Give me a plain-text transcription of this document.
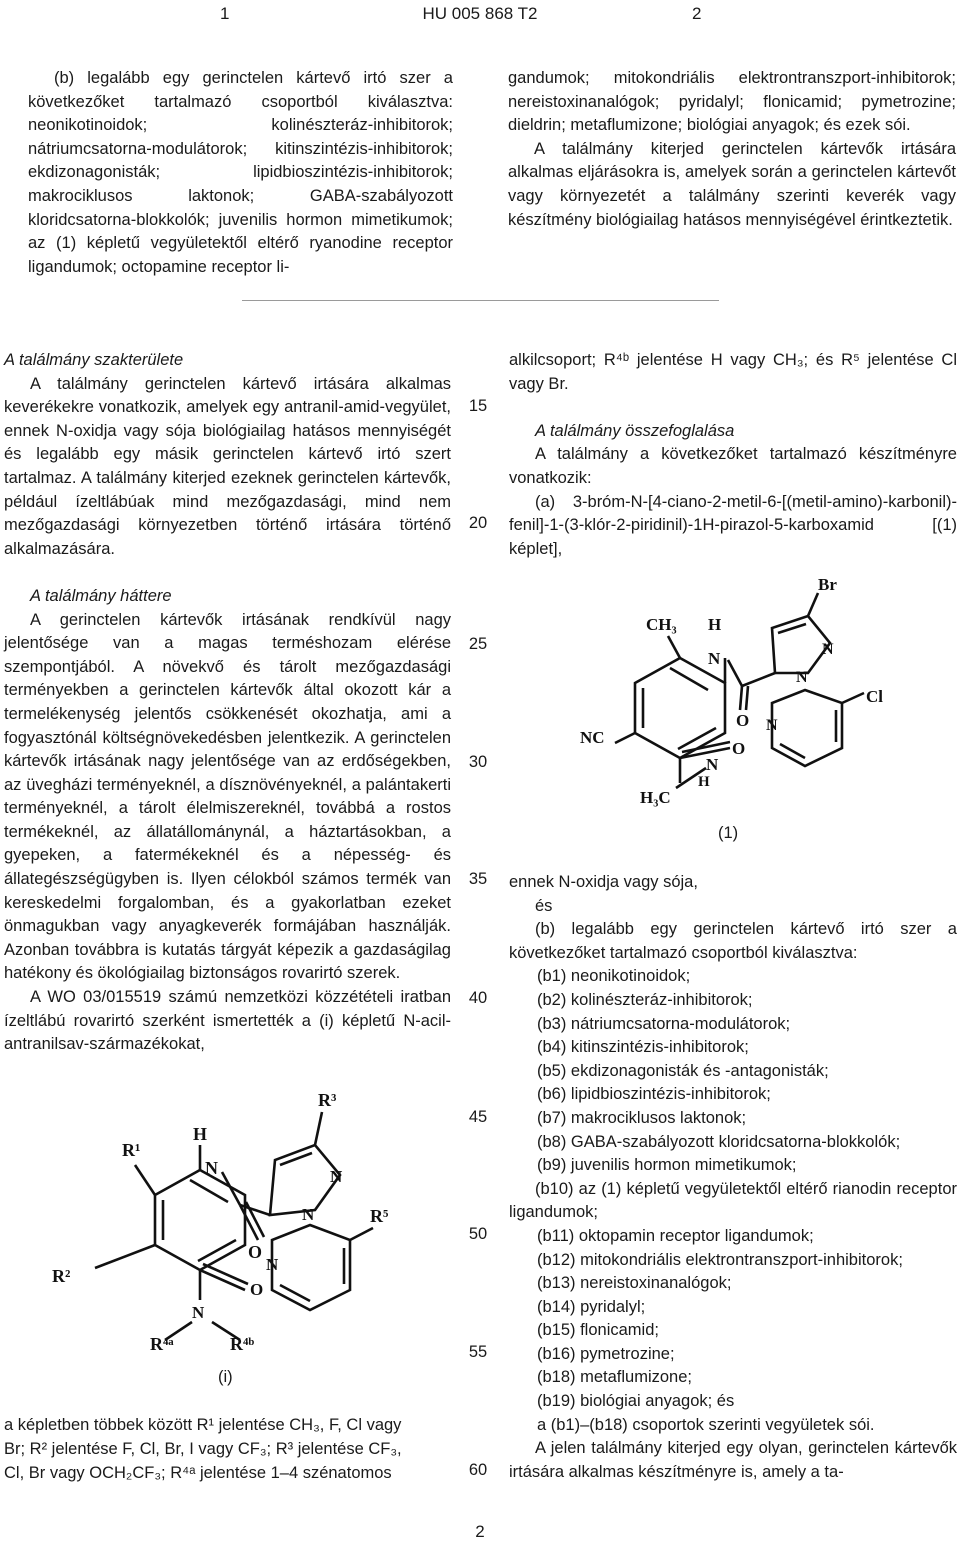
1	HU 005 868 T2	2

(b) legalább egy gerinctelen kártevő irtó szer a következőket tartalmazó csoportból kiválasztva: neonikotinoidok; kolinészteráz-inhibitorok; nátriumcsatorna-modulátorok; kitinszintézis-inhibitorok; ekdizonagonisták; lipidbioszintézis-inhibitorok; makrociklusos laktonok; GABA-szabályozott kloridcsatorna-blokkolók; juvenilis hormon mimetikumok; az (1) képletű vegyületektől eltérő ryanodine receptor ligandumok; octopamine receptor li-

gandumok; mitokondriális elektrontranszport-inhibitorok; nereistoxinanalógok; pyridalyl; flonicamid; pymetrozine; dieldrin; metaflumizone; biológiai anyagok; és ezek sói.

A találmány kiterjed gerinctelen kártevők irtására alkalmas eljárásokra is, amelyek során a gerinctelen kártevőt vagy környezetét a találmány szerinti keverék vagy készítmény biológiailag hatásos mennyiségével érintkeztetik.

A találmány szakterülete

A találmány gerinctelen kártevő irtására alkalmas keverékekre vonatkozik, amelyek egy antranil-amid-vegyület, ennek N-oxidja vagy sója biológiailag hatásos mennyiségét és legalább egy másik gerinctelen kártevő irtó szert tartalmaz. A találmány kiterjed ezeknek gerinctelen kártevők, például ízeltlábúak mind mezőgazdasági, mind nem mezőgazdasági környezetben történő irtására történő alkalmazására.

A találmány háttere

A gerinctelen kártevők irtásának rendkívül nagy jelentősége van a magas terméshozam elérése szempontjából. A növekvő és tárolt mezőgazdasági terményekben a gerinctelen kártevők által okozott kár a termelékenység jelentős csökkenését okozhatja, ami a fogyasztónál költségnövekedésben jelentkezik. A gerinctelen kártevők irtásának nagy jelentősége van az erdőségekben, az üvegházi terményeknél, a dísznövényeknél, a palántakerti terményeknél, a tárolt élelmiszereknél, továbbá a rostos termékeknél, az állatállománynál, a háztartásokban, a gyepeken, a fatermékeknél és a népesség- és állategészségügyben is. Ilyen célokból számos termék van kereskedelmi forgalomban, és a gyakorlatban ezeket önmagukban vagy anyagkeverék formájában használják. Azonban továbbra is kutatás tárgyát képezik a gazdaságilag hatékony és ökológiailag biztonságos rovarirtó szerek.

A WO 03/015519 számú nemzetközi közzétételi iratban ízeltlábú rovarirtó szerként ismertették a (i) képletű N-acil-antranilsav-származékokat,

R¹
R²
H
N
O
R³
N
N
N
R⁵
O
N
R⁴ᵃ	R⁴ᵇ
(i)

a képletben többek között R¹ jelentése CH₃, F, Cl vagy

Br; R² jelentése F, Cl, Br, I vagy CF₃; R³ jelentése CF₃,

Cl, Br vagy OCH₂CF₃; R⁴ᵃ jelentése 1–4 szénatomos

15
20
25
30
35
40
45
50
55
60

alkilcsoport; R⁴ᵇ jelentése H vagy CH₃; és R⁵ jelentése Cl vagy Br.

A találmány összefoglalása

A találmány a következőket tartalmazó készítményre vonatkozik:

(a) 3-bróm-N-[4-ciano-2-metil-6-[(metil-amino)-karbonil)-fenil]-1-(3-klór-2-piridinil)-1H-pirazol-5-karboxamid [(1) képlet],

CH₃
NC
H
N
O
Br
N
N
N
Cl
O
N
H
H₃C
(1)

ennek N-oxidja vagy sója,

és

(b) legalább egy gerinctelen kártevő irtó szer a következőket tartalmazó csoportból kiválasztva:

(b1) neonikotinoidok;

(b2) kolinészteráz-inhibitorok;

(b3) nátriumcsatorna-modulátorok;

(b4) kitinszintézis-inhibitorok;

(b5) ekdizonagonisták és -antagonisták;

(b6) lipidbioszintézis-inhibitorok;

(b7) makrociklusos laktonok;

(b8) GABA-szabályozott kloridcsatorna-blokkolók;

(b9) juvenilis hormon mimetikumok;

(b10) az (1) képletű vegyületektől eltérő rianodin receptor ligandumok;

(b11) oktopamin receptor ligandumok;

(b12) mitokondriális elektrontranszport-inhibitorok;

(b13) nereistoxinanalógok;

(b14) pyridalyl;

(b15) flonicamid;

(b16) pymetrozine;

(b18) metaflumizone;

(b19) biológiai anyagok; és

a (b1)–(b18) csoportok szerinti vegyületek sói.

A jelen találmány kiterjed egy olyan, gerinctelen kártevők irtására alkalmas készítményre is, amely a ta-

2
